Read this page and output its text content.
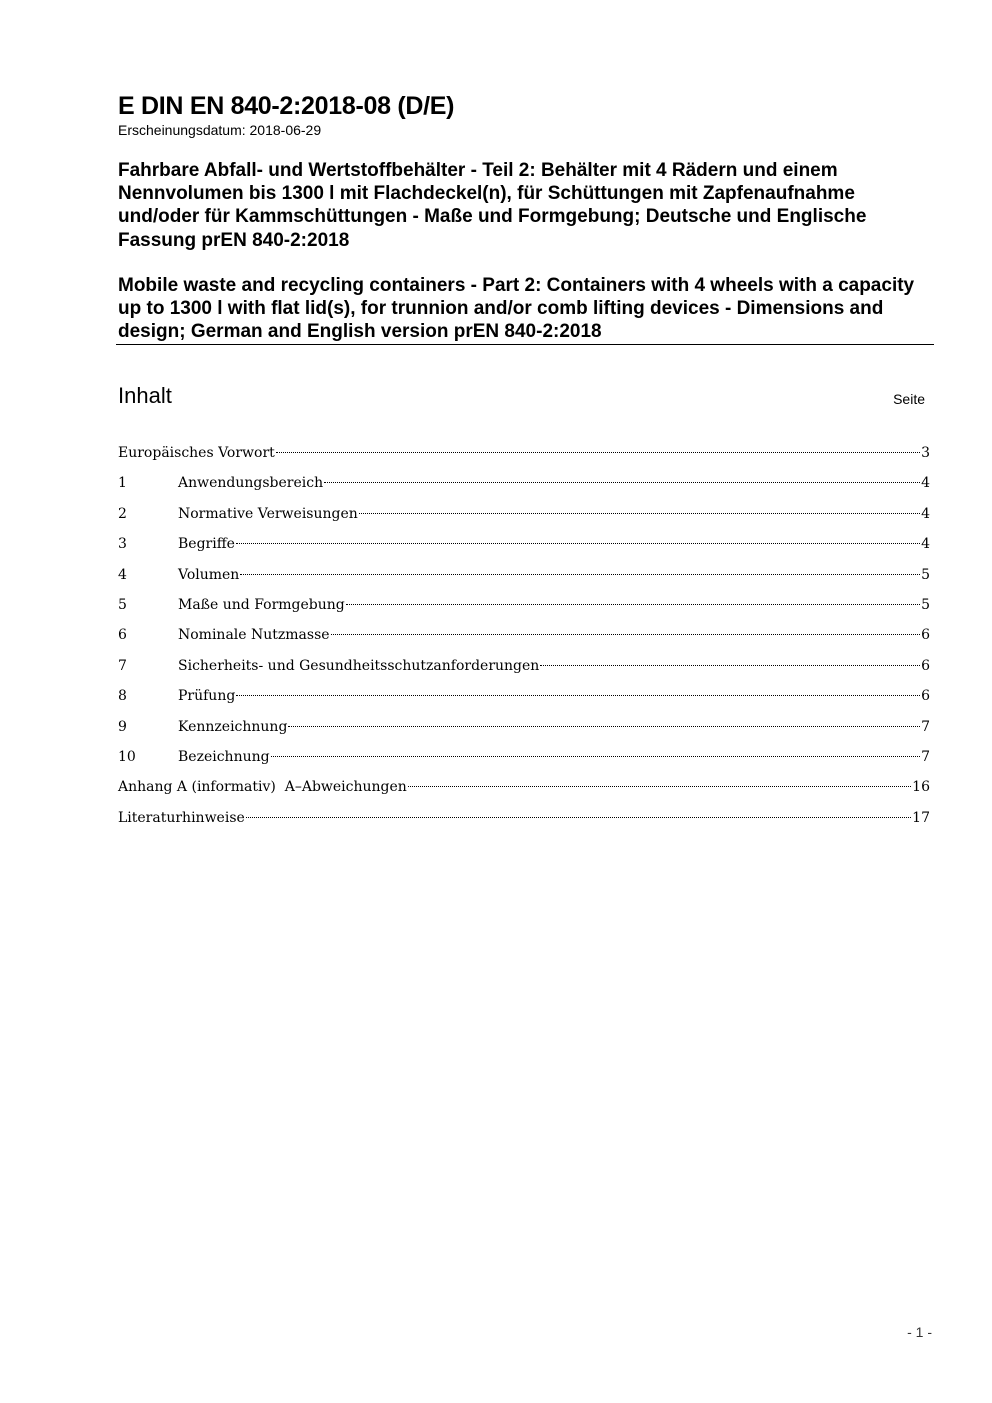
E DIN EN 840-2:2018-08 (D/E)
Erscheinungsdatum: 2018-06-29
Fahrbare Abfall- und Wertstoffbehälter - Teil 2: Behälter mit 4 Rädern und einem Nennvolumen bis 1300 l mit Flachdeckel(n), für Schüttungen mit Zapfenaufnahme und/oder für Kammschüttungen - Maße und Formgebung; Deutsche und Englische Fassung prEN 840-2:2018
Mobile waste and recycling containers - Part 2: Containers with 4 wheels with a capacity up to 1300 l with flat lid(s), for trunnion and/or comb lifting devices - Dimensions and design; German and English version prEN 840-2:2018
Inhalt	Seite
Europäisches Vorwort	3
1	Anwendungsbereich	4
2	Normative Verweisungen	4
3	Begriffe	4
4	Volumen	5
5	Maße und Formgebung	5
6	Nominale Nutzmasse	6
7	Sicherheits- und Gesundheitsschutzanforderungen	6
8	Prüfung	6
9	Kennzeichnung	7
10	Bezeichnung	7
Anhang A (informativ)  A–Abweichungen	16
Literaturhinweise	17
- 1 -
